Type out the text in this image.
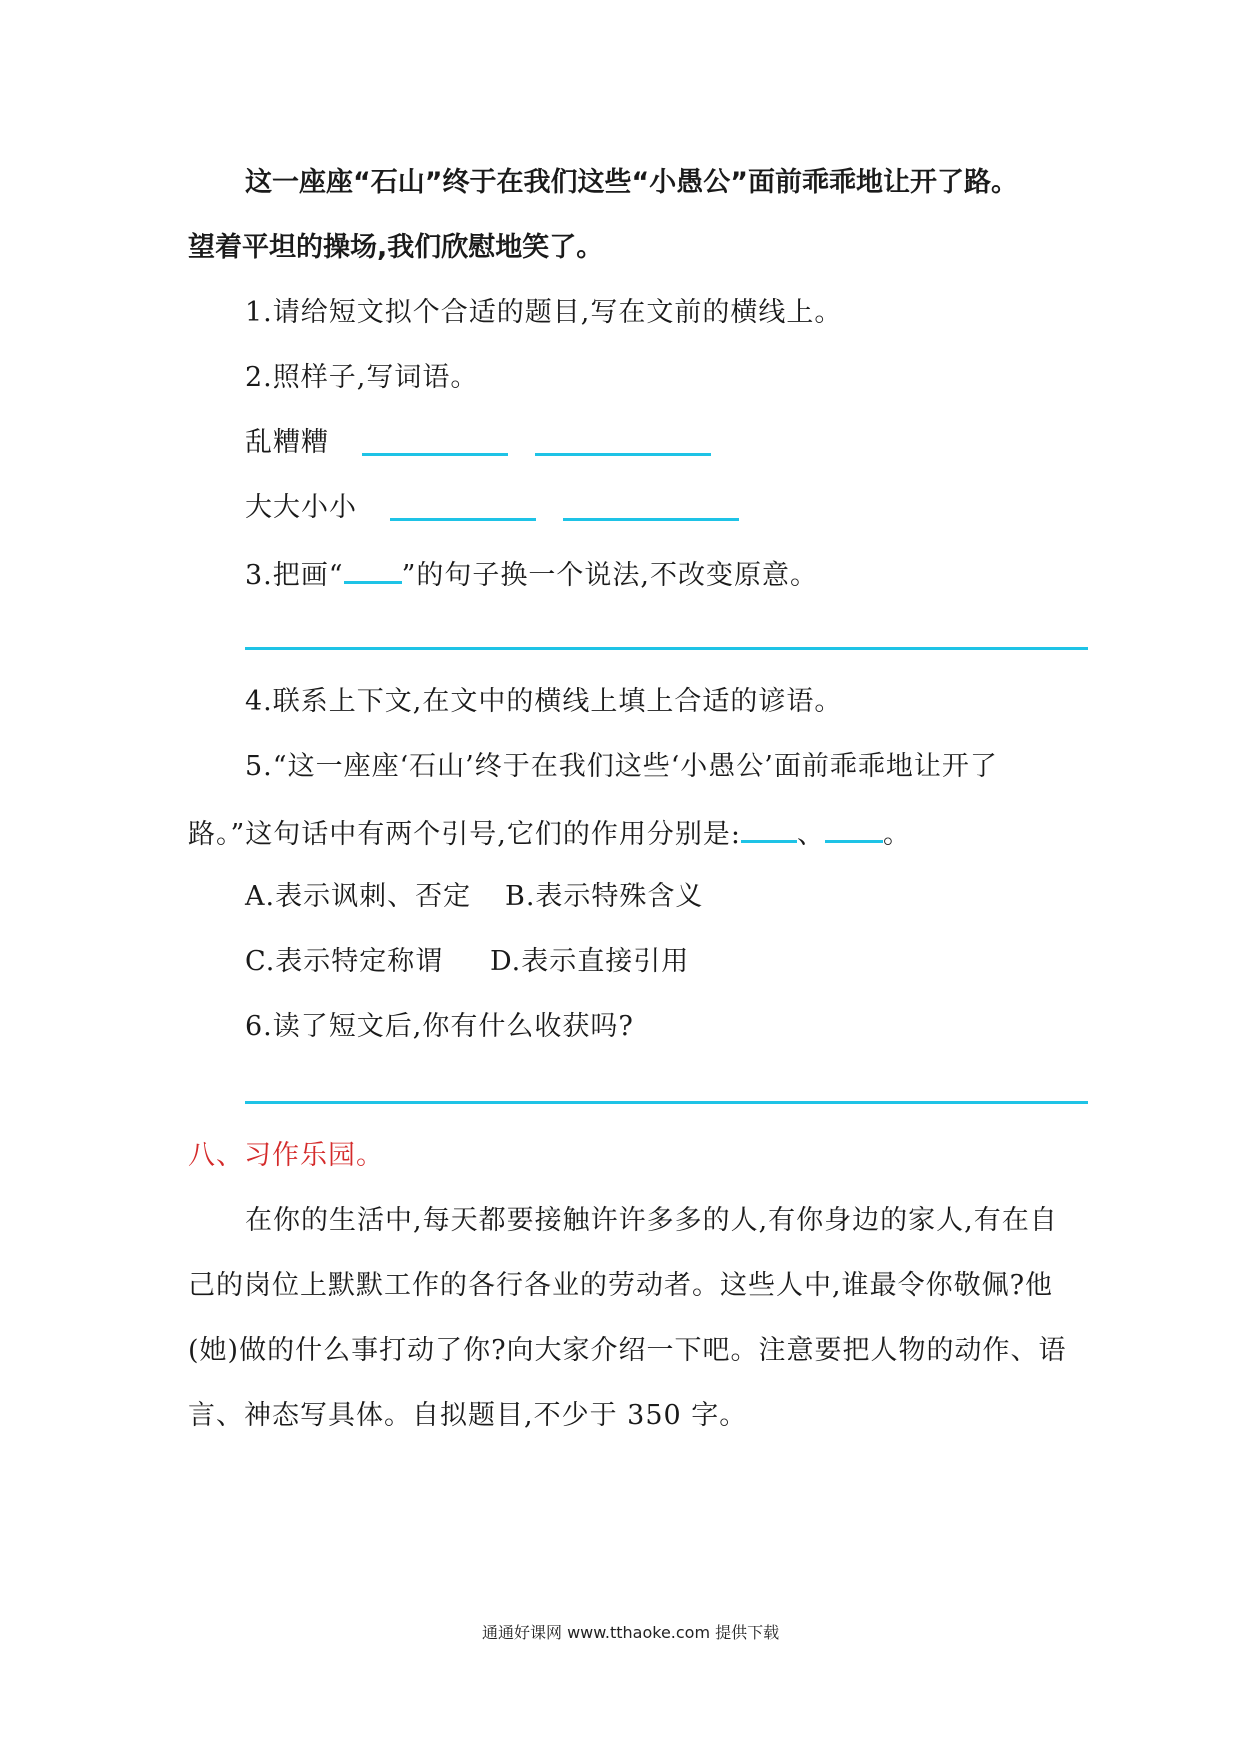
这一座座“石山”终于在我们这些“小愚公”面前乖乖地让开了路。
望着平坦的操场,我们欣慰地笑了。
1.请给短文拟个合适的题目,写在文前的横线上。
2.照样子,写词语。
乱糟糟
大大小小
3.把画“ ”的句子换一个说法,不改变原意。
4.联系上下文,在文中的横线上填上合适的谚语。
5.“这一座座‘石山’终于在我们这些‘小愚公’面前乖乖地让开了
路。”这句话中有两个引号,它们的作用分别是: 、 。
A.表示讽刺、否定 B.表示特殊含义
C.表示特定称谓 D.表示直接引用
6.读了短文后,你有什么收获吗?
八、习作乐园。
在你的生活中,每天都要接触许许多多的人,有你身边的家人,有在自
己的岗位上默默工作的各行各业的劳动者。这些人中,谁最令你敬佩?他
(她)做的什么事打动了你?向大家介绍一下吧。注意要把人物的动作、语
言、神态写具体。自拟题目,不少于 350 字。
通通好课网 www.tthaoke.com 提供下载
